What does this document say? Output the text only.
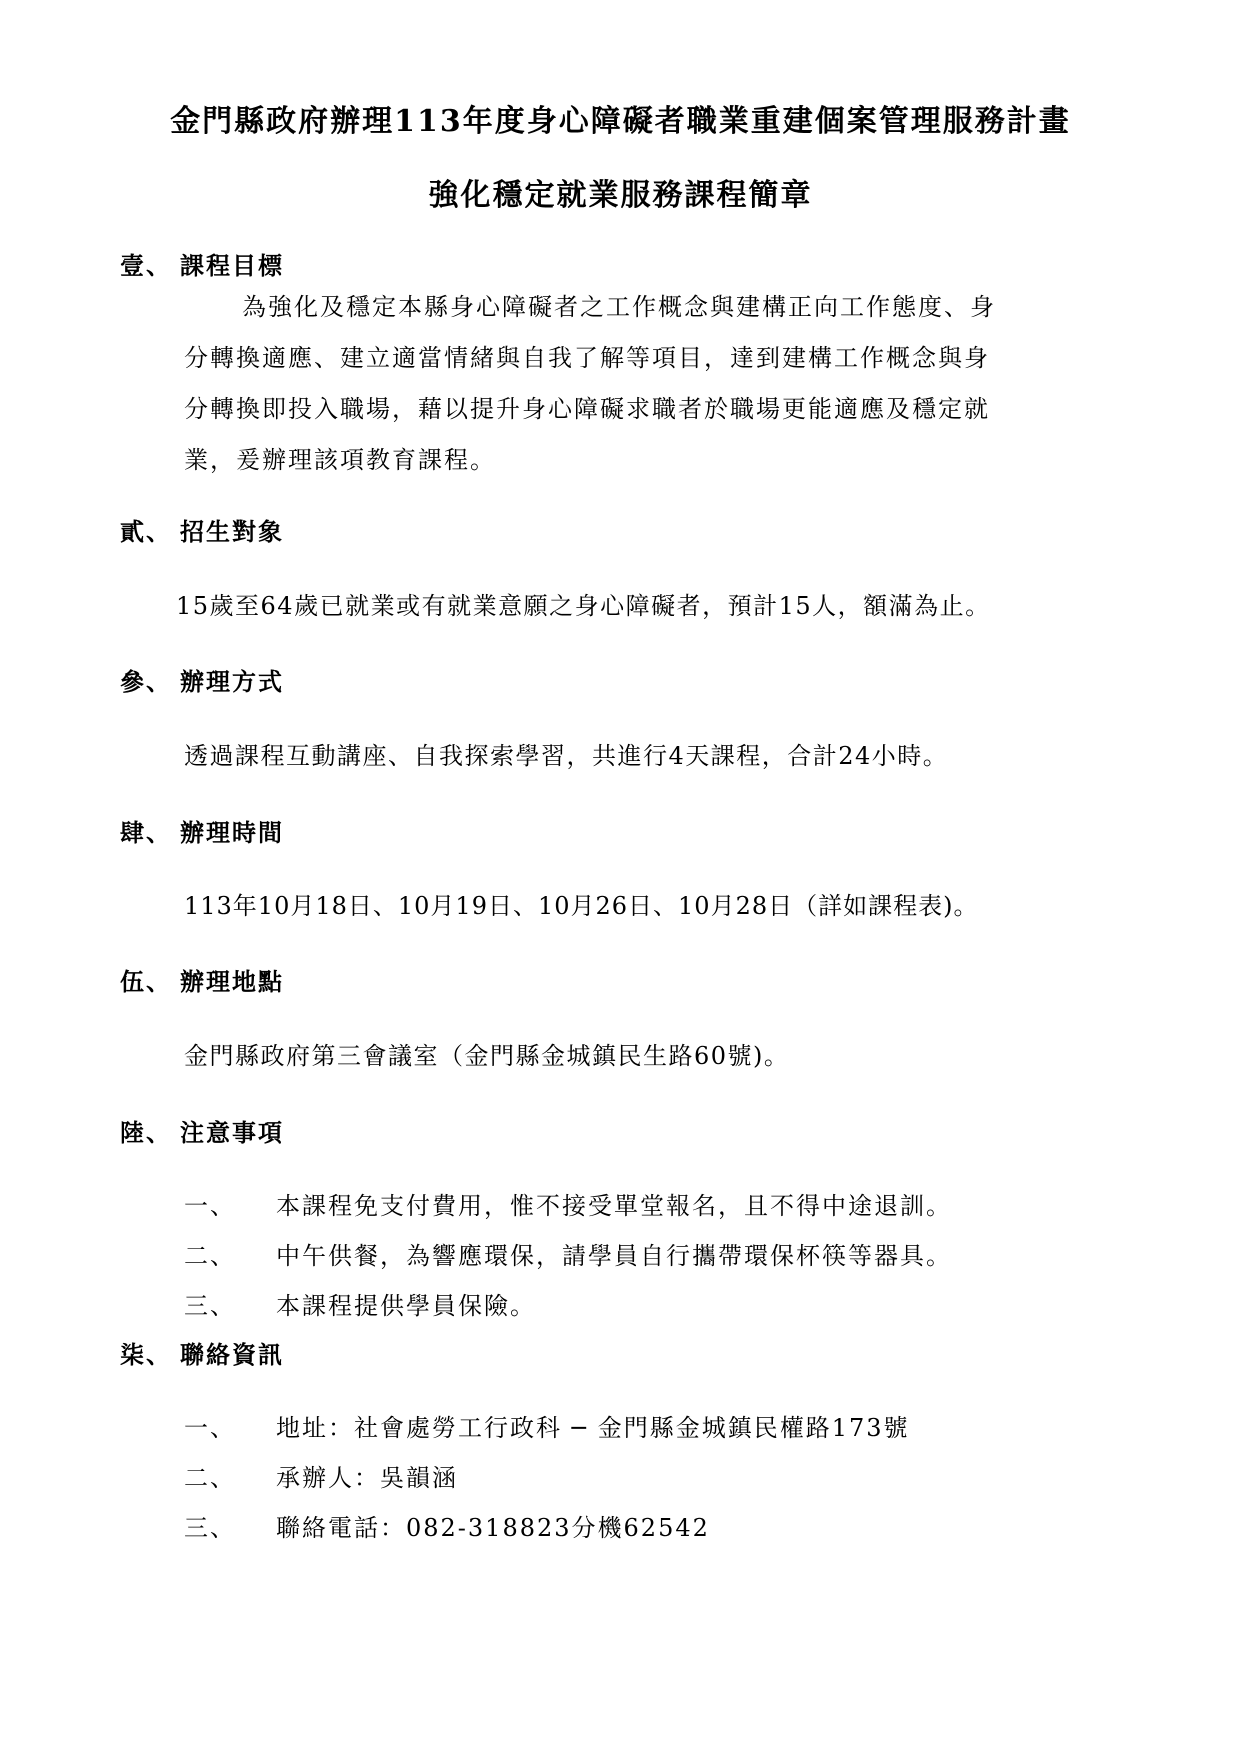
金門縣政府辦理113年度身心障礙者職業重建個案管理服務計畫
強化穩定就業服務課程簡章
壹、 課程目標
為強化及穩定本縣身心障礙者之工作概念與建構正向工作態度、身
分轉換適應、建立適當情緒與自我了解等項目，達到建構工作概念與身
分轉換即投入職場，藉以提升身心障礙求職者於職場更能適應及穩定就
業，爰辦理該項教育課程。
貳、 招生對象
15歲至64歲已就業或有就業意願之身心障礙者，預計15人，額滿為止。
參、 辦理方式
透過課程互動講座、自我探索學習，共進行4天課程，合計24小時。
肆、 辦理時間
113年10月18日、10月19日、10月26日、10月28日（詳如課程表)。
伍、 辦理地點
金門縣政府第三會議室（金門縣金城鎮民生路60號)。
陸、 注意事項
一、 本課程免支付費用，惟不接受單堂報名，且不得中途退訓。
二、 中午供餐，為響應環保，請學員自行攜帶環保杯筷等器具。
三、 本課程提供學員保險。
柒、 聯絡資訊
一、 地址：社會處勞工行政科 ─ 金門縣金城鎮民權路173號
二、 承辦人：吳韻涵
三、 聯絡電話：082-318823分機62542
